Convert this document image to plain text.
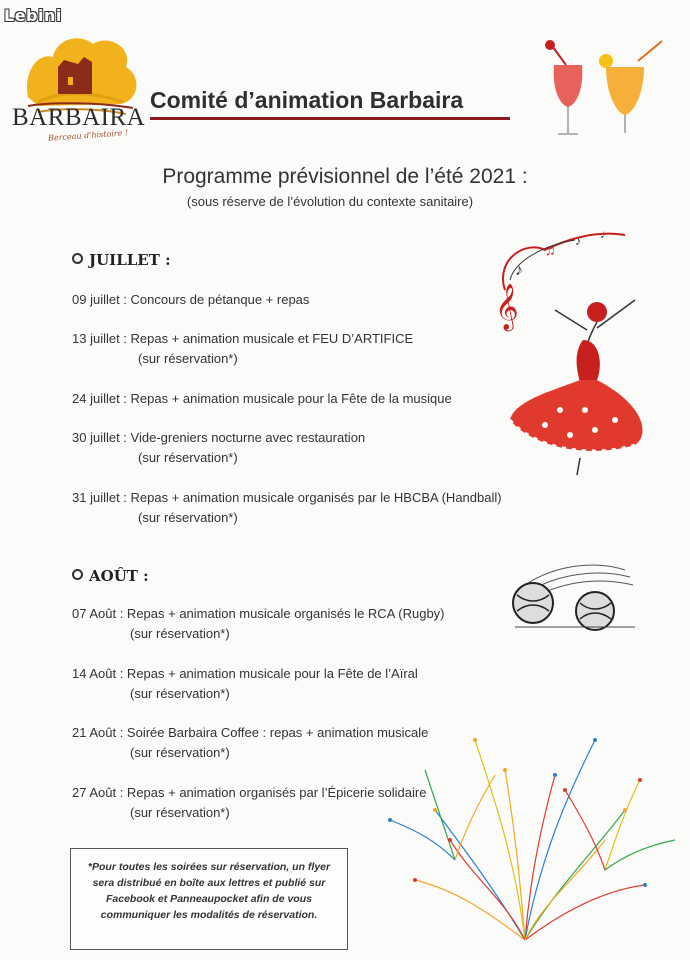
Lebini
BARBAIRA
Berceau d'histoire !
Comité d’animation Barbaira
Programme prévisionnel de l’été 2021 :
(sous réserve de l’évolution du contexte sanitaire)
JUILLET :
09 juillet : Concours de pétanque + repas
13 juillet : Repas + animation musicale et FEU D’ARTIFICE
(sur réservation*)
24 juillet : Repas + animation musicale pour la Fête de la musique
30 juillet : Vide-greniers nocturne avec restauration
(sur réservation*)
31 juillet : Repas + animation musicale organisés par le HBCBA (Handball)
(sur réservation*)
AOÛT :
07 Août : Repas + animation musicale organisés le RCA (Rugby)
(sur réservation*)
14 Août : Repas + animation musicale pour la Fête de l’Aïral
(sur réservation*)
21 Août : Soirée Barbaira Coffee : repas + animation musicale
(sur réservation*)
27 Août : Repas + animation organisés par l’Épicerie solidaire
(sur réservation*)
*Pour toutes les soirées sur réservation, un flyer sera distribué en boîte aux lettres et publié sur Facebook et Panneaupocket afin de vous communiquer les modalités de réservation.
♪
♫
♪ ♩
𝄞
